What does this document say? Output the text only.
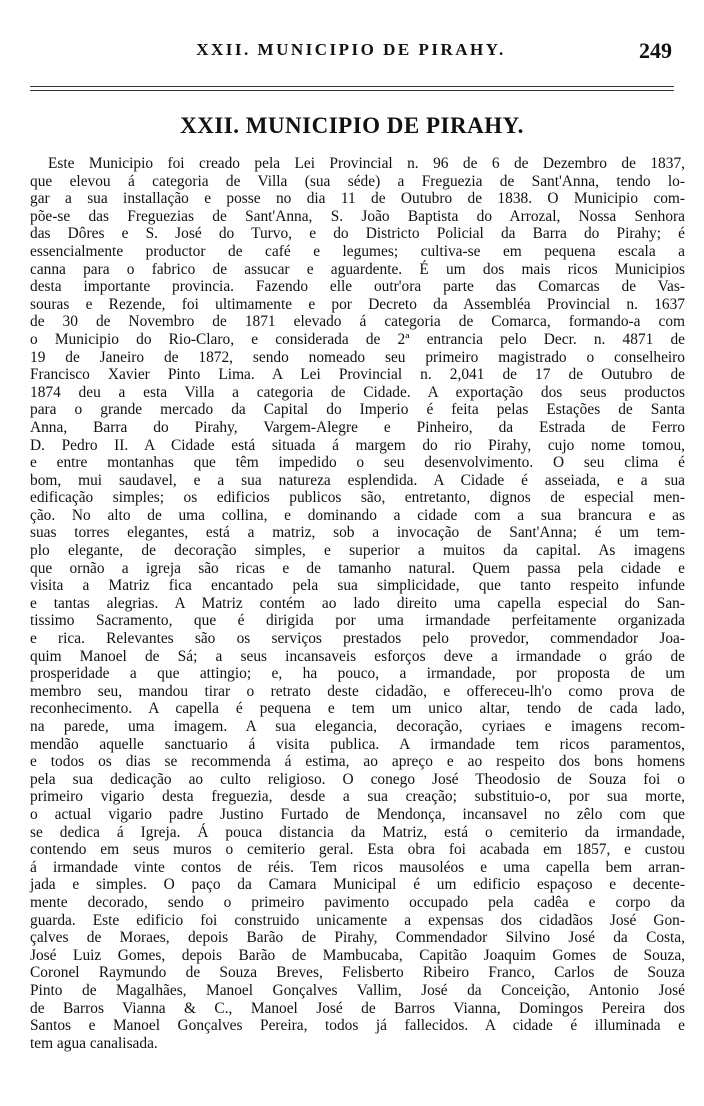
XXII. MUNICIPIO DE PIRAHY.	249
XXII. MUNICIPIO DE PIRAHY.
Este Municipio foi creado pela Lei Provincial n. 96 de 6 de Dezembro de 1837,
que elevou á categoria de Villa (sua séde) a Freguezia de Sant'Anna, tendo lo-
gar a sua installação e posse no dia 11 de Outubro de 1838. O Municipio com-
põe-se das Freguezias de Sant'Anna, S. João Baptista do Arrozal, Nossa Senhora
das Dôres e S. José do Turvo, e do Districto Policial da Barra do Pirahy; é
essencialmente productor de café e legumes; cultiva-se em pequena escala a
canna para o fabrico de assucar e aguardente. É um dos mais ricos Municipios
desta importante provincia. Fazendo elle outr'ora parte das Comarcas de Vas-
souras e Rezende, foi ultimamente e por Decreto da Assembléa Provincial n. 1637
de 30 de Novembro de 1871 elevado á categoria de Comarca, formando-a com
o Municipio do Rio-Claro, e considerada de 2ª entrancia pelo Decr. n. 4871 de
19 de Janeiro de 1872, sendo nomeado seu primeiro magistrado o conselheiro
Francisco Xavier Pinto Lima. A Lei Provincial n. 2,041 de 17 de Outubro de
1874 deu a esta Villa a categoria de Cidade. A exportação dos seus productos
para o grande mercado da Capital do Imperio é feita pelas Estações de Santa
Anna, Barra do Pirahy, Vargem-Alegre e Pinheiro, da Estrada de Ferro
D. Pedro II. A Cidade está situada á margem do rio Pirahy, cujo nome tomou,
e entre montanhas que têm impedido o seu desenvolvimento. O seu clima é
bom, mui saudavel, e a sua natureza esplendida. A Cidade é asseiada, e a sua
edificação simples; os edificios publicos são, entretanto, dignos de especial men-
ção. No alto de uma collina, e dominando a cidade com a sua brancura e as
suas torres elegantes, está a matriz, sob a invocação de Sant'Anna; é um tem-
plo elegante, de decoração simples, e superior a muitos da capital. As imagens
que ornão a igreja são ricas e de tamanho natural. Quem passa pela cidade e
visita a Matriz fica encantado pela sua simplicidade, que tanto respeito infunde
e tantas alegrias. A Matriz contém ao lado direito uma capella especial do San-
tissimo Sacramento, que é dirigida por uma irmandade perfeitamente organizada
e rica. Relevantes são os serviços prestados pelo provedor, commendador Joa-
quim Manoel de Sá; a seus incansaveis esforços deve a irmandade o gráo de
prosperidade a que attingio; e, ha pouco, a irmandade, por proposta de um
membro seu, mandou tirar o retrato deste cidadão, e offereceu-lh'o como prova de
reconhecimento. A capella é pequena e tem um unico altar, tendo de cada lado,
na parede, uma imagem. A sua elegancia, decoração, cyriaes e imagens recom-
mendão aquelle sanctuario á visita publica. A irmandade tem ricos paramentos,
e todos os dias se recommenda á estima, ao apreço e ao respeito dos bons homens
pela sua dedicação ao culto religioso. O conego José Theodosio de Souza foi o
primeiro vigario desta freguezia, desde a sua creação; substituio-o, por sua morte,
o actual vigario padre Justino Furtado de Mendonça, incansavel no zêlo com que
se dedica á Igreja. Á pouca distancia da Matriz, está o cemiterio da irmandade,
contendo em seus muros o cemiterio geral. Esta obra foi acabada em 1857, e custou
á irmandade vinte contos de réis. Tem ricos mausoléos e uma capella bem arran-
jada e simples. O paço da Camara Municipal é um edificio espaçoso e decente-
mente decorado, sendo o primeiro pavimento occupado pela cadêa e corpo da
guarda. Este edificio foi construido unicamente a expensas dos cidadãos José Gon-
çalves de Moraes, depois Barão de Pirahy, Commendador Silvino José da Costa,
José Luiz Gomes, depois Barão de Mambucaba, Capitão Joaquim Gomes de Souza,
Coronel Raymundo de Souza Breves, Felisberto Ribeiro Franco, Carlos de Souza
Pinto de Magalhães, Manoel Gonçalves Vallim, José da Conceição, Antonio José
de Barros Vianna & C., Manoel José de Barros Vianna, Domingos Pereira dos
Santos e Manoel Gonçalves Pereira, todos já fallecidos. A cidade é illuminada e
tem agua canalisada.
